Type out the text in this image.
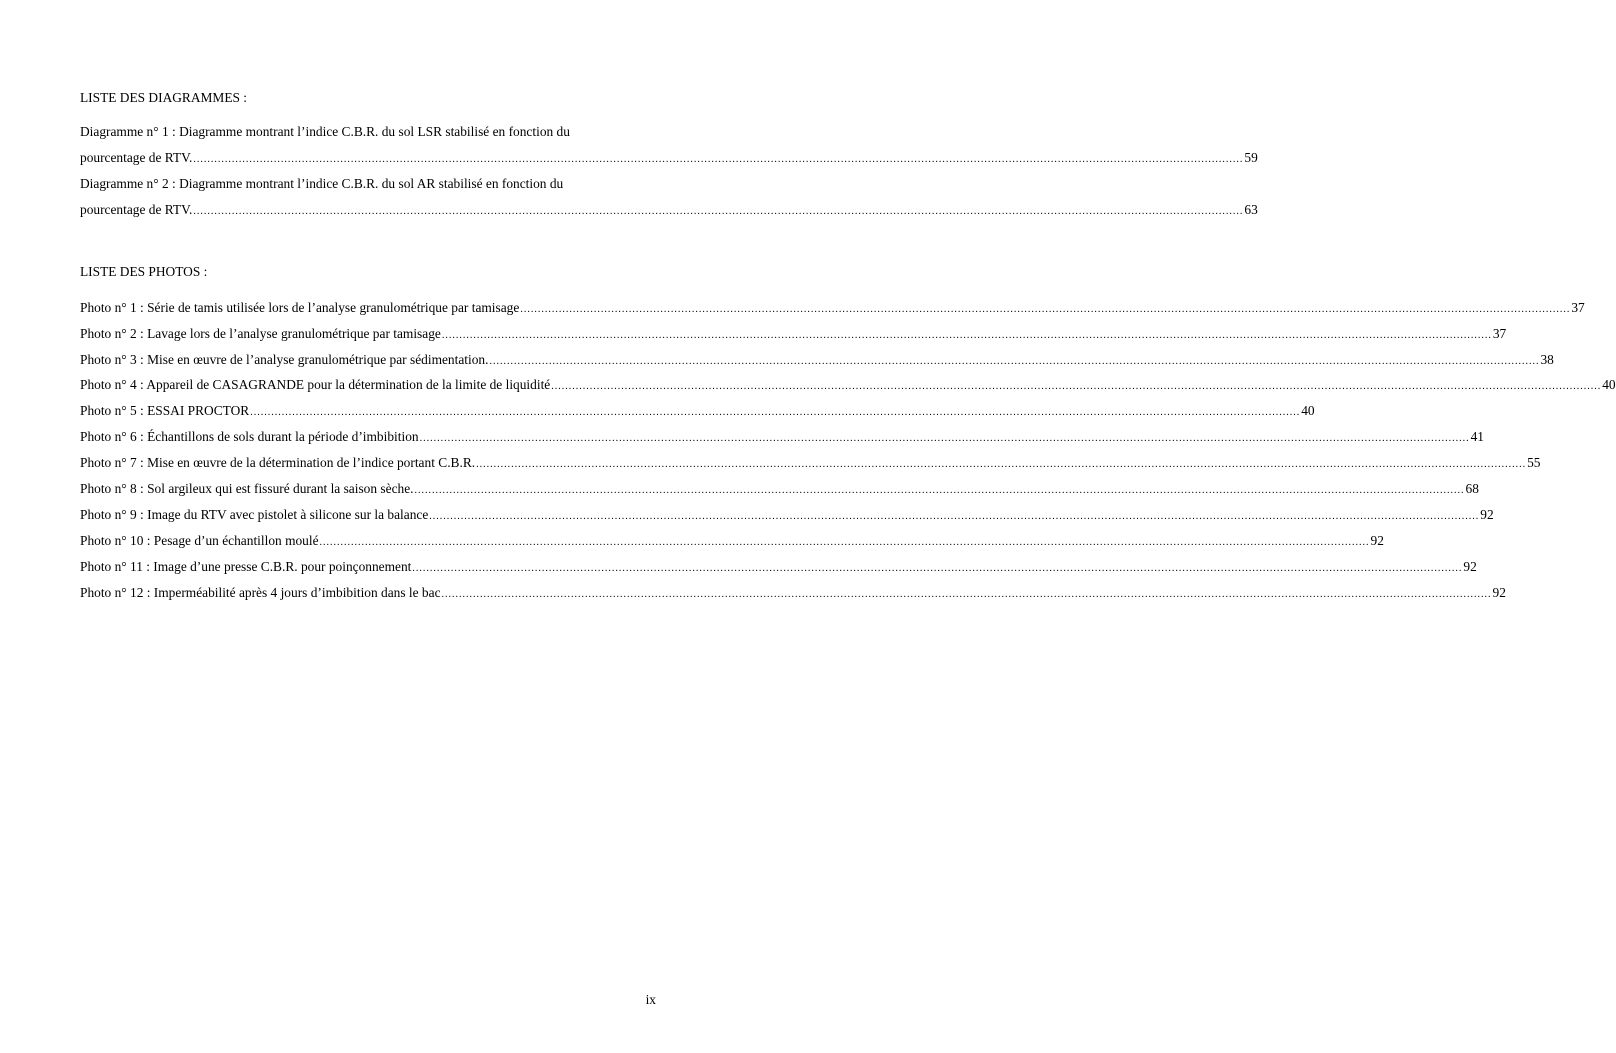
LISTE DES DIAGRAMMES :
Diagramme n° 1 : Diagramme montrant l’indice C.B.R. du sol LSR stabilisé en fonction du
pourcentage de RTV. ............................................................................................................................................................................................................................................................................................................ 59
Diagramme n° 2 : Diagramme montrant l’indice C.B.R. du sol AR stabilisé en fonction du
pourcentage de RTV. ............................................................................................................................................................................................................................................................................................................ 63
LISTE DES PHOTOS :
Photo n° 1 : Série de tamis utilisée lors de l’analyse granulométrique par tamisage ............................................................................................................................................................................................................................................................................................................ 37
Photo n° 2 : Lavage lors de l’analyse granulométrique par tamisage ............................................................................................................................................................................................................................................................................................................ 37
Photo n° 3 : Mise en œuvre de l’analyse granulométrique par sédimentation. ............................................................................................................................................................................................................................................................................................................ 38
Photo n° 4 : Appareil de CASAGRANDE pour la détermination de la limite de liquidité ............................................................................................................................................................................................................................................................................................................ 40
Photo n° 5 : ESSAI PROCTOR ............................................................................................................................................................................................................................................................................................................ 40
Photo n° 6 : Échantillons de sols durant la période d’imbibition ............................................................................................................................................................................................................................................................................................................ 41
Photo n° 7 : Mise en œuvre de la détermination de l’indice portant C.B.R. ............................................................................................................................................................................................................................................................................................................ 55
Photo n° 8 : Sol argileux qui est fissuré durant la saison sèche. ............................................................................................................................................................................................................................................................................................................ 68
Photo n° 9 : Image du RTV avec pistolet à silicone sur la balance ............................................................................................................................................................................................................................................................................................................ 92
Photo n° 10 : Pesage d’un échantillon moulé ............................................................................................................................................................................................................................................................................................................ 92
Photo n° 11 : Image d’une presse C.B.R. pour poinçonnement ............................................................................................................................................................................................................................................................................................................ 92
Photo n° 12 : Imperméabilité après 4 jours d’imbibition dans le bac ............................................................................................................................................................................................................................................................................................................ 92
ix
